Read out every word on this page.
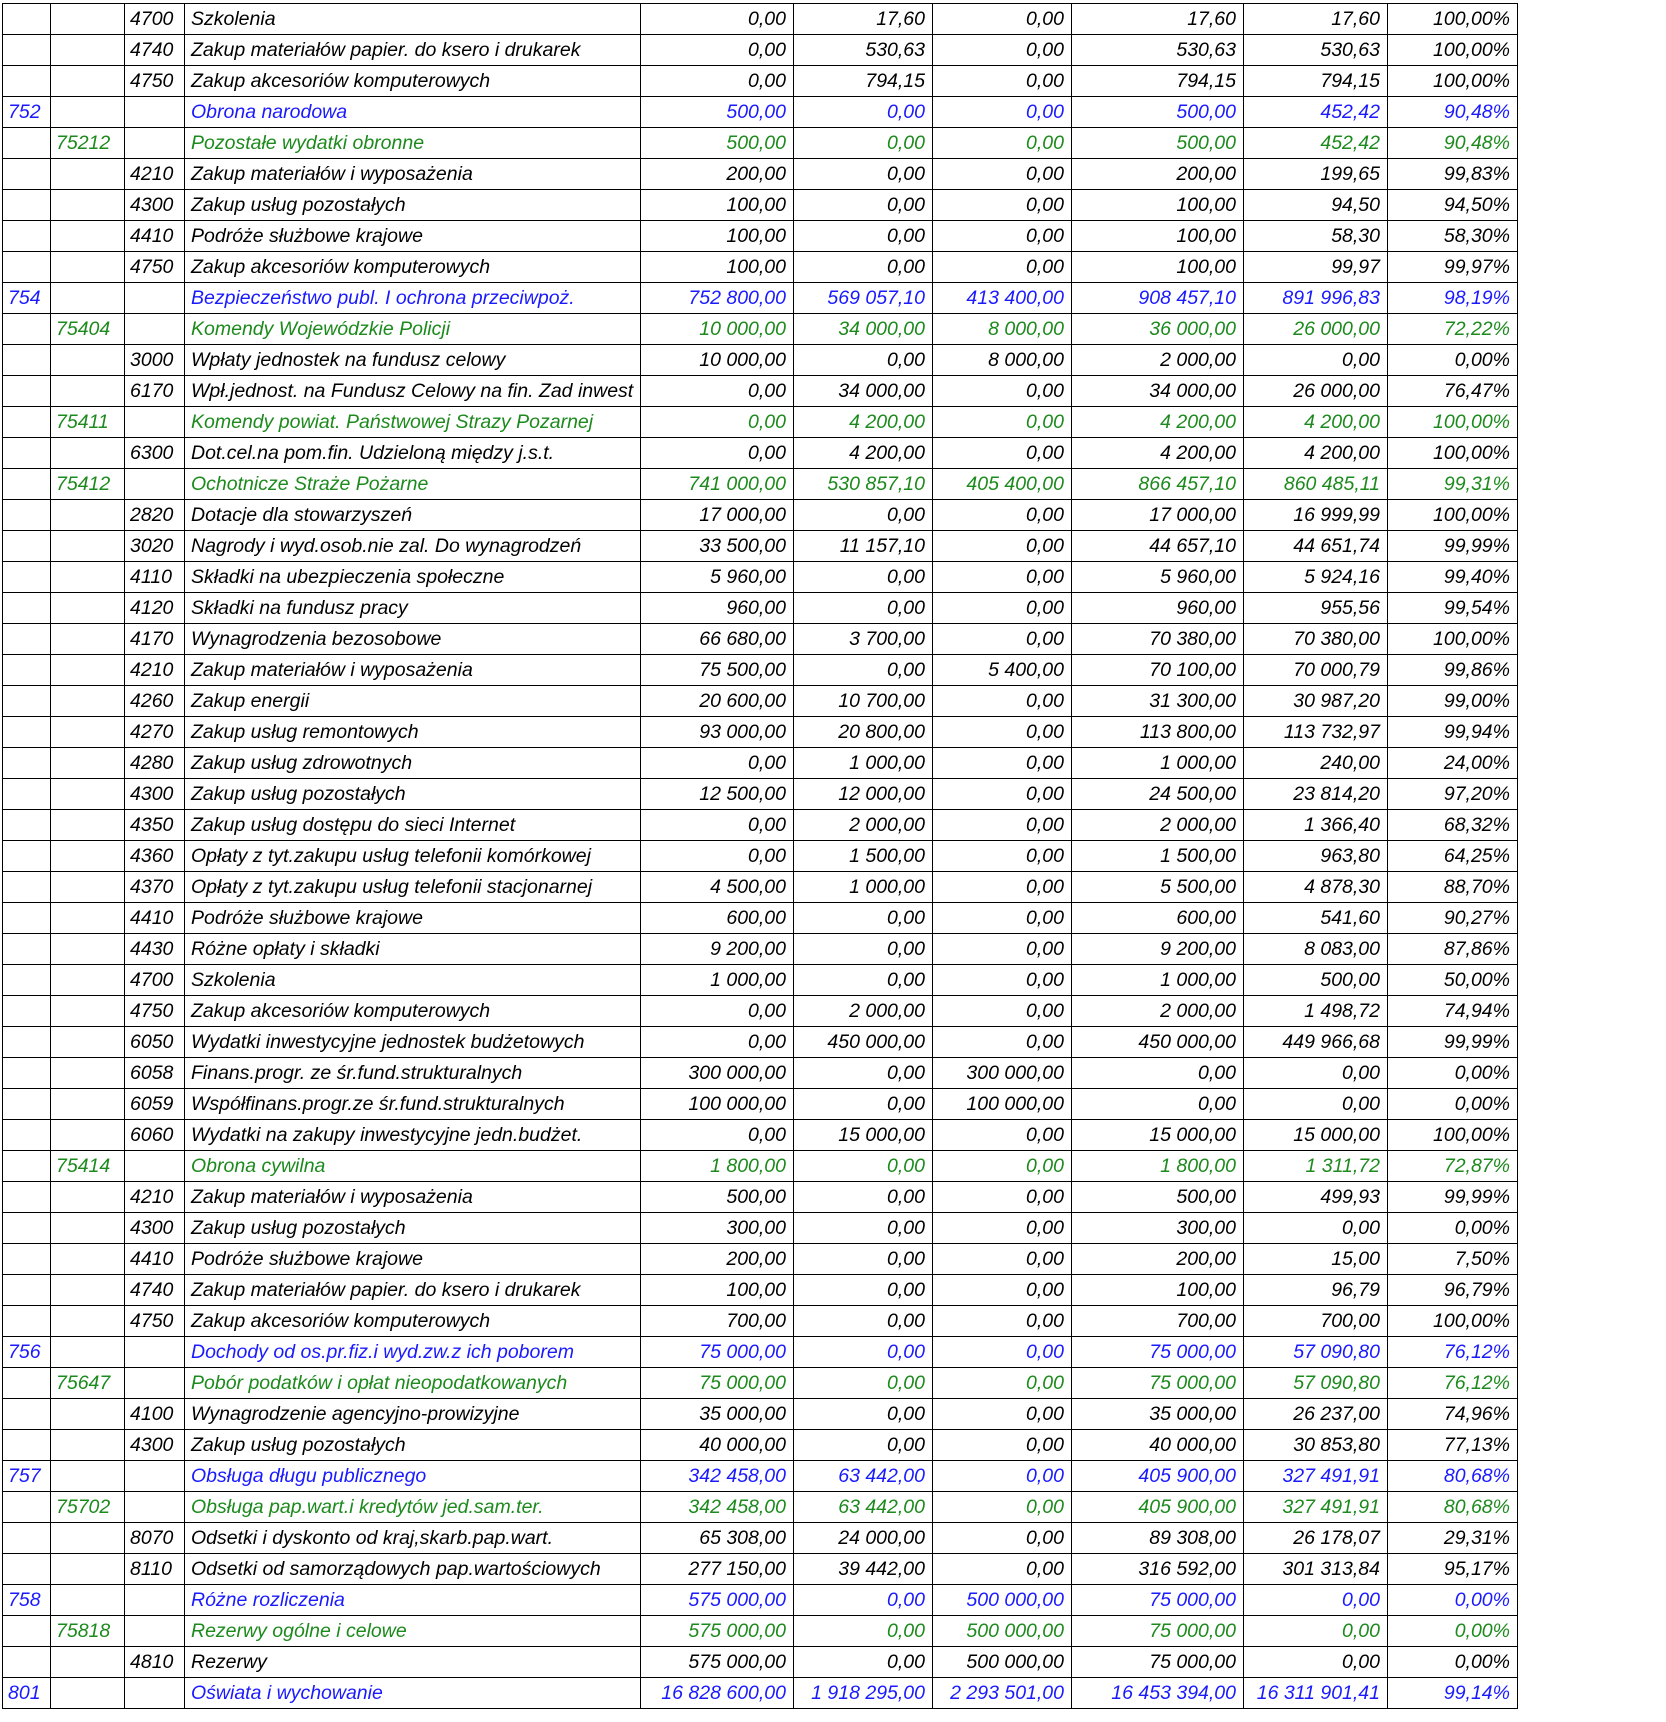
		4700	Szkolenia	0,00	17,60	0,00	17,60	17,60	100,00%
		4740	Zakup materiałów papier. do ksero i drukarek	0,00	530,63	0,00	530,63	530,63	100,00%
		4750	Zakup akcesoriów komputerowych	0,00	794,15	0,00	794,15	794,15	100,00%
752			Obrona narodowa	500,00	0,00	0,00	500,00	452,42	90,48%
	75212		Pozostałe wydatki obronne	500,00	0,00	0,00	500,00	452,42	90,48%
		4210	Zakup materiałów i wyposażenia	200,00	0,00	0,00	200,00	199,65	99,83%
		4300	Zakup usług pozostałych	100,00	0,00	0,00	100,00	94,50	94,50%
		4410	Podróże służbowe krajowe	100,00	0,00	0,00	100,00	58,30	58,30%
		4750	Zakup akcesoriów komputerowych	100,00	0,00	0,00	100,00	99,97	99,97%
754			Bezpieczeństwo publ. I ochrona przeciwpoż.	752 800,00	569 057,10	413 400,00	908 457,10	891 996,83	98,19%
	75404		Komendy Wojewódzkie Policji	10 000,00	34 000,00	8 000,00	36 000,00	26 000,00	72,22%
		3000	Wpłaty jednostek na fundusz celowy	10 000,00	0,00	8 000,00	2 000,00	0,00	0,00%
		6170	Wpł.jednost. na Fundusz Celowy na fin. Zad inwest	0,00	34 000,00	0,00	34 000,00	26 000,00	76,47%
	75411		Komendy powiat. Państwowej Strazy Pozarnej	0,00	4 200,00	0,00	4 200,00	4 200,00	100,00%
		6300	Dot.cel.na pom.fin. Udzieloną między j.s.t.	0,00	4 200,00	0,00	4 200,00	4 200,00	100,00%
	75412		Ochotnicze Straże Pożarne	741 000,00	530 857,10	405 400,00	866 457,10	860 485,11	99,31%
		2820	Dotacje dla stowarzyszeń	17 000,00	0,00	0,00	17 000,00	16 999,99	100,00%
		3020	Nagrody i wyd.osob.nie zal. Do wynagrodzeń	33 500,00	11 157,10	0,00	44 657,10	44 651,74	99,99%
		4110	Składki na ubezpieczenia społeczne	5 960,00	0,00	0,00	5 960,00	5 924,16	99,40%
		4120	Składki na fundusz pracy	960,00	0,00	0,00	960,00	955,56	99,54%
		4170	Wynagrodzenia bezosobowe	66 680,00	3 700,00	0,00	70 380,00	70 380,00	100,00%
		4210	Zakup materiałów i wyposażenia	75 500,00	0,00	5 400,00	70 100,00	70 000,79	99,86%
		4260	Zakup energii	20 600,00	10 700,00	0,00	31 300,00	30 987,20	99,00%
		4270	Zakup usług remontowych	93 000,00	20 800,00	0,00	113 800,00	113 732,97	99,94%
		4280	Zakup usług zdrowotnych	0,00	1 000,00	0,00	1 000,00	240,00	24,00%
		4300	Zakup usług pozostałych	12 500,00	12 000,00	0,00	24 500,00	23 814,20	97,20%
		4350	Zakup usług dostępu do sieci Internet	0,00	2 000,00	0,00	2 000,00	1 366,40	68,32%
		4360	Opłaty z tyt.zakupu usług telefonii komórkowej	0,00	1 500,00	0,00	1 500,00	963,80	64,25%
		4370	Opłaty z tyt.zakupu usług telefonii stacjonarnej	4 500,00	1 000,00	0,00	5 500,00	4 878,30	88,70%
		4410	Podróże służbowe krajowe	600,00	0,00	0,00	600,00	541,60	90,27%
		4430	Różne opłaty i składki	9 200,00	0,00	0,00	9 200,00	8 083,00	87,86%
		4700	Szkolenia	1 000,00	0,00	0,00	1 000,00	500,00	50,00%
		4750	Zakup akcesoriów komputerowych	0,00	2 000,00	0,00	2 000,00	1 498,72	74,94%
		6050	Wydatki inwestycyjne jednostek budżetowych	0,00	450 000,00	0,00	450 000,00	449 966,68	99,99%
		6058	Finans.progr. ze śr.fund.strukturalnych	300 000,00	0,00	300 000,00	0,00	0,00	0,00%
		6059	Współfinans.progr.ze śr.fund.strukturalnych	100 000,00	0,00	100 000,00	0,00	0,00	0,00%
		6060	Wydatki na zakupy inwestycyjne jedn.budżet.	0,00	15 000,00	0,00	15 000,00	15 000,00	100,00%
	75414		Obrona cywilna	1 800,00	0,00	0,00	1 800,00	1 311,72	72,87%
		4210	Zakup materiałów i wyposażenia	500,00	0,00	0,00	500,00	499,93	99,99%
		4300	Zakup usług pozostałych	300,00	0,00	0,00	300,00	0,00	0,00%
		4410	Podróże służbowe krajowe	200,00	0,00	0,00	200,00	15,00	7,50%
		4740	Zakup materiałów papier. do ksero i drukarek	100,00	0,00	0,00	100,00	96,79	96,79%
		4750	Zakup akcesoriów komputerowych	700,00	0,00	0,00	700,00	700,00	100,00%
756			Dochody od os.pr.fiz.i wyd.zw.z ich poborem	75 000,00	0,00	0,00	75 000,00	57 090,80	76,12%
	75647		Pobór podatków i opłat nieopodatkowanych	75 000,00	0,00	0,00	75 000,00	57 090,80	76,12%
		4100	Wynagrodzenie agencyjno-prowizyjne	35 000,00	0,00	0,00	35 000,00	26 237,00	74,96%
		4300	Zakup usług pozostałych	40 000,00	0,00	0,00	40 000,00	30 853,80	77,13%
757			Obsługa długu publicznego	342 458,00	63 442,00	0,00	405 900,00	327 491,91	80,68%
	75702		Obsługa pap.wart.i kredytów jed.sam.ter.	342 458,00	63 442,00	0,00	405 900,00	327 491,91	80,68%
		8070	Odsetki i dyskonto od kraj,skarb.pap.wart.	65 308,00	24 000,00	0,00	89 308,00	26 178,07	29,31%
		8110	Odsetki od samorządowych pap.wartościowych	277 150,00	39 442,00	0,00	316 592,00	301 313,84	95,17%
758			Różne rozliczenia	575 000,00	0,00	500 000,00	75 000,00	0,00	0,00%
	75818		Rezerwy ogólne i celowe	575 000,00	0,00	500 000,00	75 000,00	0,00	0,00%
		4810	Rezerwy	575 000,00	0,00	500 000,00	75 000,00	0,00	0,00%
801			Oświata i wychowanie	16 828 600,00	1 918 295,00	2 293 501,00	16 453 394,00	16 311 901,41	99,14%
